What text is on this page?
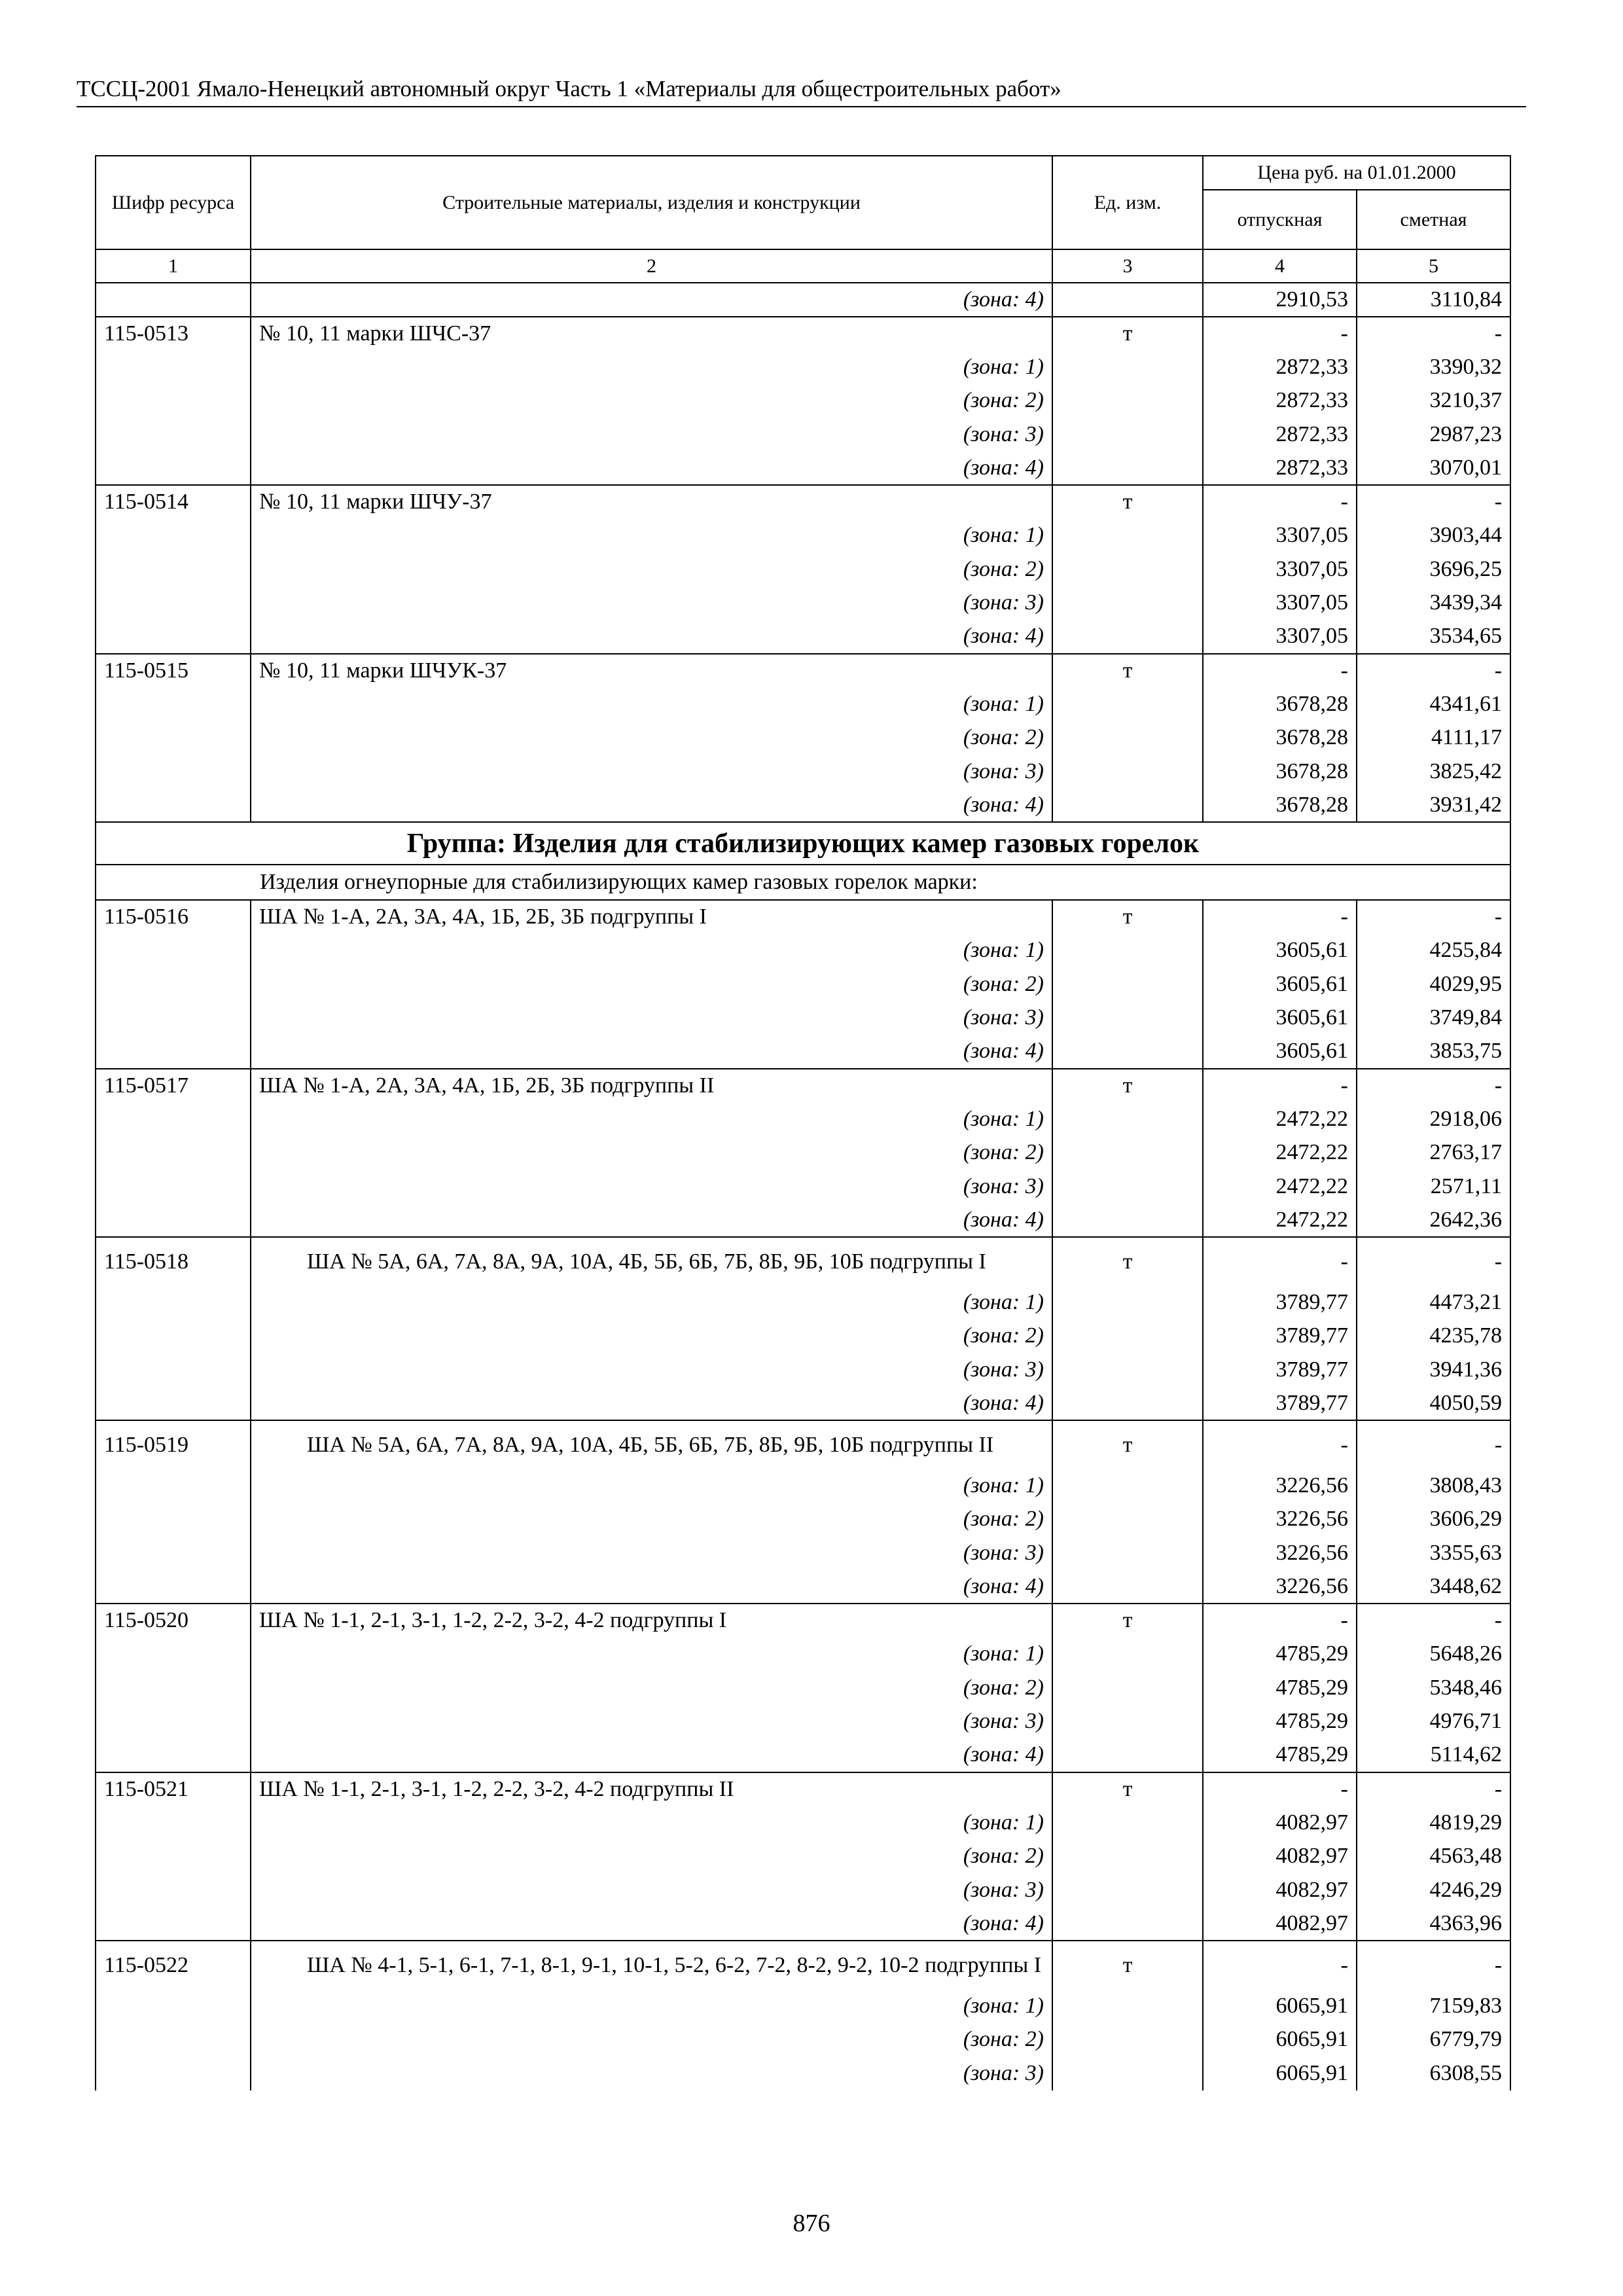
ТССЦ-2001 Ямало-Ненецкий автономный округ Часть 1 «Материалы для общестроительных работ»
Шифр ресурса	Строительные материалы, изделия и конструкции	Ед. изм.	Цена руб. на 01.01.2000	
			отпускная	сметная
1	2	3	4	5
	(зона: 4)		2910,53	3110,84
115-0513	№ 10, 11 марки ШЧС-37	т	-	-
	(зона: 1)		2872,33	3390,32
	(зона: 2)		2872,33	3210,37
	(зона: 3)		2872,33	2987,23
	(зона: 4)		2872,33	3070,01
115-0514	№ 10, 11 марки ШЧУ-37	т	-	-
	(зона: 1)		3307,05	3903,44
	(зона: 2)		3307,05	3696,25
	(зона: 3)		3307,05	3439,34
	(зона: 4)		3307,05	3534,65
115-0515	№ 10, 11 марки ШЧУК-37	т	-	-
	(зона: 1)		3678,28	4341,61
	(зона: 2)		3678,28	4111,17
	(зона: 3)		3678,28	3825,42
	(зона: 4)		3678,28	3931,42
Группа: Изделия для стабилизирующих камер газовых горелок				
Изделия огнеупорные для стабилизирующих камер газовых горелок марки:				
115-0516	ША № 1-А, 2А, 3А, 4А, 1Б, 2Б, 3Б подгруппы I	т	-	-
	(зона: 1)		3605,61	4255,84
	(зона: 2)		3605,61	4029,95
	(зона: 3)		3605,61	3749,84
	(зона: 4)		3605,61	3853,75
115-0517	ША № 1-А, 2А, 3А, 4А, 1Б, 2Б, 3Б подгруппы II	т	-	-
	(зона: 1)		2472,22	2918,06
	(зона: 2)		2472,22	2763,17
	(зона: 3)		2472,22	2571,11
	(зона: 4)		2472,22	2642,36
115-0518	ША № 5А, 6А, 7А, 8А, 9А, 10А, 4Б, 5Б, 6Б, 7Б, 8Б, 9Б, 10Б подгруппы I	т	-	-
	(зона: 1)		3789,77	4473,21
	(зона: 2)		3789,77	4235,78
	(зона: 3)		3789,77	3941,36
	(зона: 4)		3789,77	4050,59
115-0519	ША № 5А, 6А, 7А, 8А, 9А, 10А, 4Б, 5Б, 6Б, 7Б, 8Б, 9Б, 10Б подгруппы II	т	-	-
	(зона: 1)		3226,56	3808,43
	(зона: 2)		3226,56	3606,29
	(зона: 3)		3226,56	3355,63
	(зона: 4)		3226,56	3448,62
115-0520	ША № 1-1, 2-1, 3-1, 1-2, 2-2, 3-2, 4-2 подгруппы I	т	-	-
	(зона: 1)		4785,29	5648,26
	(зона: 2)		4785,29	5348,46
	(зона: 3)		4785,29	4976,71
	(зона: 4)		4785,29	5114,62
115-0521	ША № 1-1, 2-1, 3-1, 1-2, 2-2, 3-2, 4-2 подгруппы II	т	-	-
	(зона: 1)		4082,97	4819,29
	(зона: 2)		4082,97	4563,48
	(зона: 3)		4082,97	4246,29
	(зона: 4)		4082,97	4363,96
115-0522	ША № 4-1, 5-1, 6-1, 7-1, 8-1, 9-1, 10-1, 5-2, 6-2, 7-2, 8-2, 9-2, 10-2 подгруппы I	т	-	-
	(зона: 1)		6065,91	7159,83
	(зона: 2)		6065,91	6779,79
	(зона: 3)		6065,91	6308,55
876
